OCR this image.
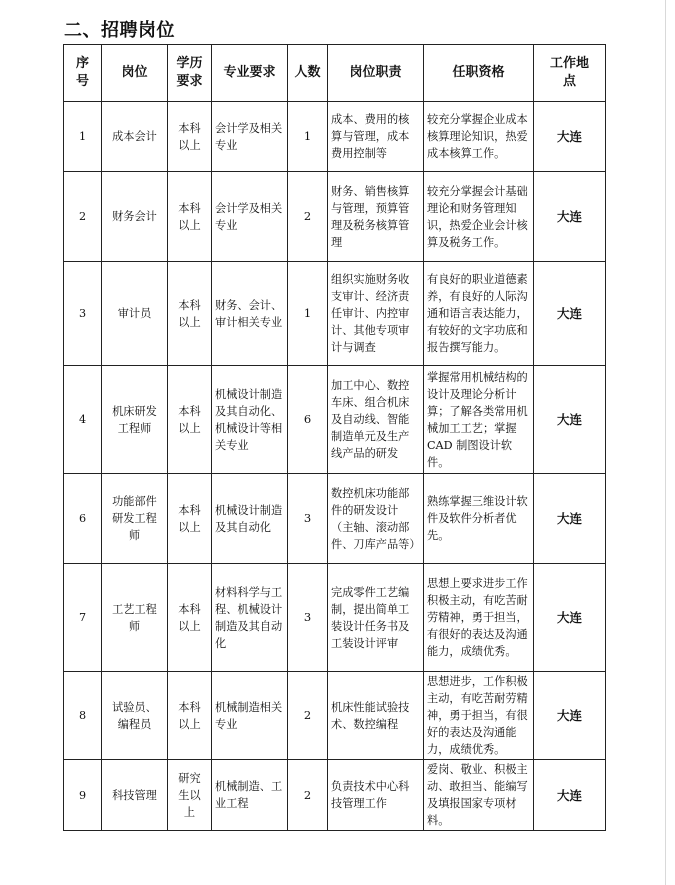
二、招聘岗位
序号	岗位	学历要求	专业要求	人数	岗位职责	任职资格	工作地点
1	成本会计	本科以上	会计学及相关专业	1	成本、费用的核算与管理，成本费用控制等	较充分掌握企业成本核算理论知识，热爱成本核算工作。	大连
2	财务会计	本科以上	会计学及相关专业	2	财务、销售核算与管理，预算管理及税务核算管理	较充分掌握会计基础理论和财务管理知识，热爱企业会计核算及税务工作。	大连
3	审计员	本科以上	财务、会计、审计相关专业	1	组织实施财务收支审计、经济责任审计、内控审计、其他专项审计与调查	有良好的职业道德素养，有良好的人际沟通和语言表达能力，有较好的文字功底和报告撰写能力。	大连
4	机床研发工程师	本科以上	机械设计制造及其自动化、机械设计等相关专业	6	加工中心、数控车床、组合机床及自动线、智能制造单元及生产线产品的研发	掌握常用机械结构的设计及理论分析计算；了解各类常用机械加工工艺；掌握 CAD 制图设计软件。	大连
6	功能部件研发工程师	本科以上	机械设计制造及其自动化	3	数控机床功能部件的研发设计（主轴、滚动部件、刀库产品等）	熟练掌握三维设计软件及软件分析者优先。	大连
7	工艺工程师	本科以上	材料科学与工程、机械设计制造及其自动化	3	完成零件工艺编制，提出简单工装设计任务书及工装设计评审	思想上要求进步工作积极主动，有吃苦耐劳精神，勇于担当，有很好的表达及沟通能力，成绩优秀。	大连
8	试验员、编程员	本科以上	机械制造相关专业	2	机床性能试验技术、数控编程	思想进步，工作积极主动，有吃苦耐劳精神，勇于担当，有很好的表达及沟通能力，成绩优秀。	大连
9	科技管理	研究生以上	机械制造、工业工程	2	负责技术中心科技管理工作	爱岗、敬业、积极主动、敢担当、能编写及填报国家专项材料。	大连
